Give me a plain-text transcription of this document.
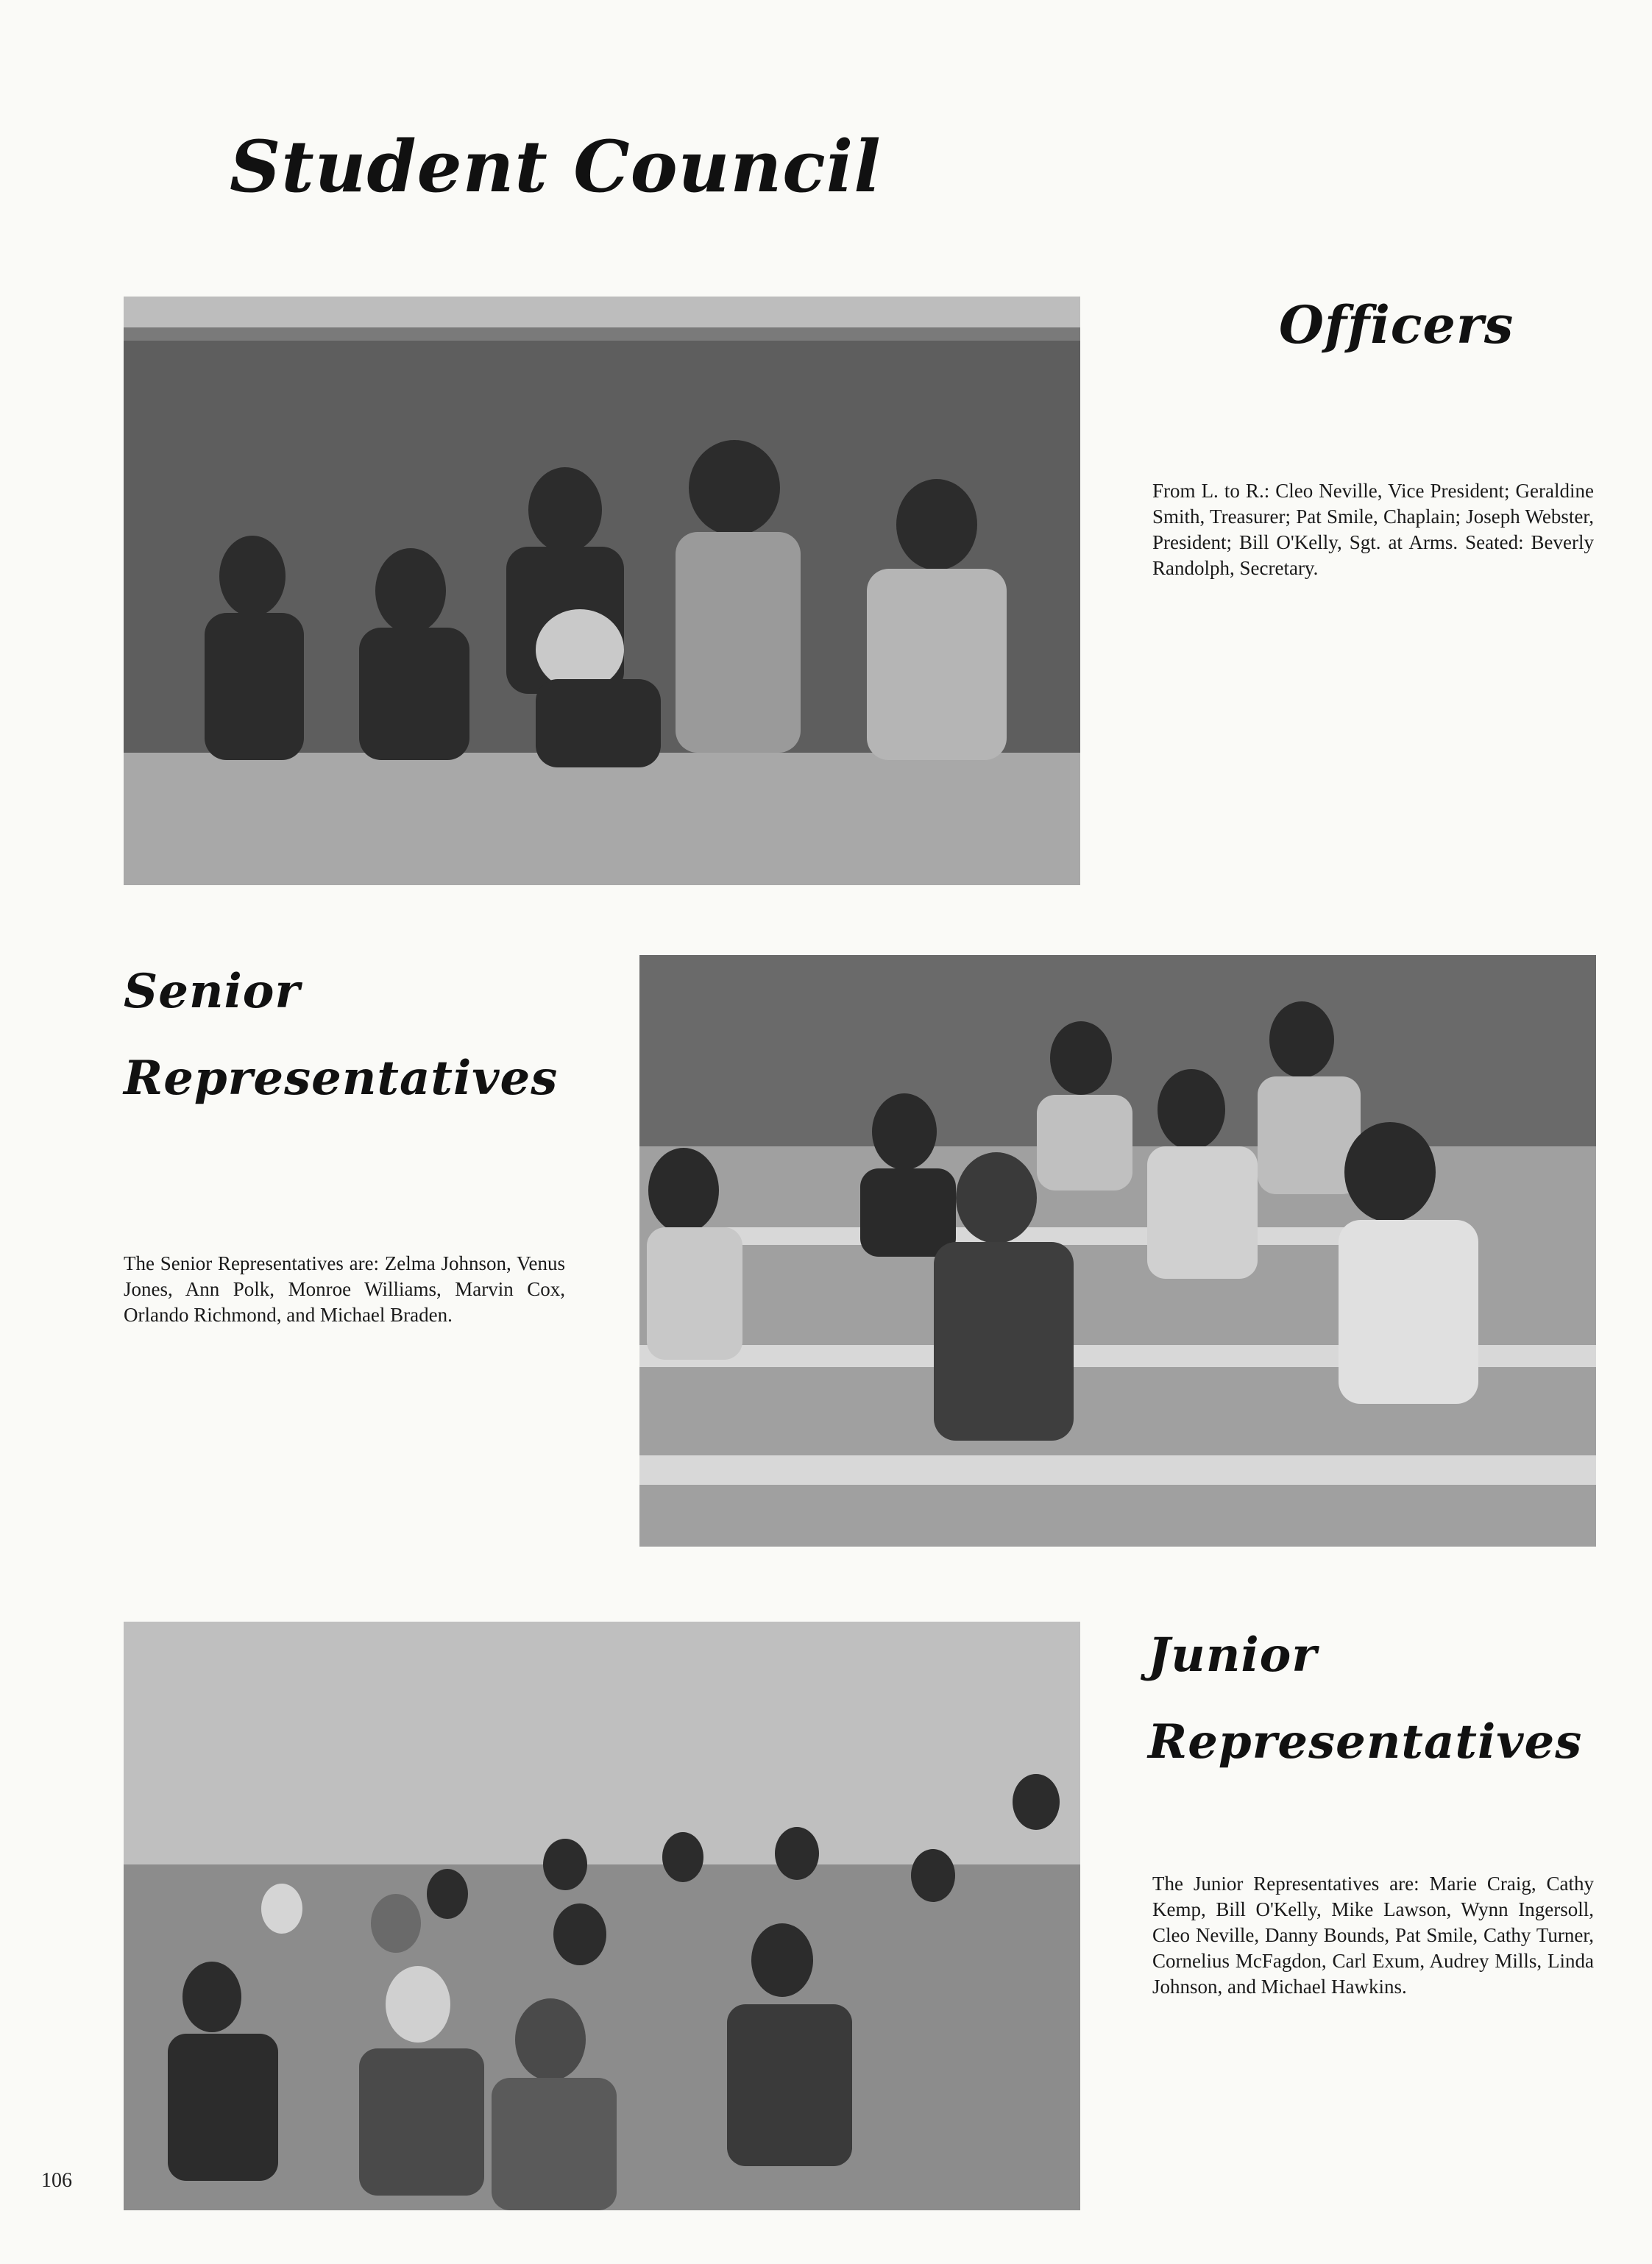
Student Council
Officers
From L. to R.: Cleo Neville, Vice President; Geraldine Smith, Treasurer; Pat Smile, Chaplain; Joseph Webster, President; Bill O'Kelly, Sgt. at Arms. Seated: Beverly Randolph, Secretary.
Senior
Representatives
The Senior Representatives are: Zelma Johnson, Venus Jones, Ann Polk, Monroe Williams, Marvin Cox, Orlando Richmond, and Michael Braden.
Junior
Representatives
The Junior Representatives are: Marie Craig, Cathy Kemp, Bill O'Kelly, Mike Lawson, Wynn Ingersoll, Cleo Neville, Danny Bounds, Pat Smile, Cathy Turner, Cornelius McFagdon, Carl Exum, Audrey Mills, Linda Johnson, and Michael Hawkins.
106
